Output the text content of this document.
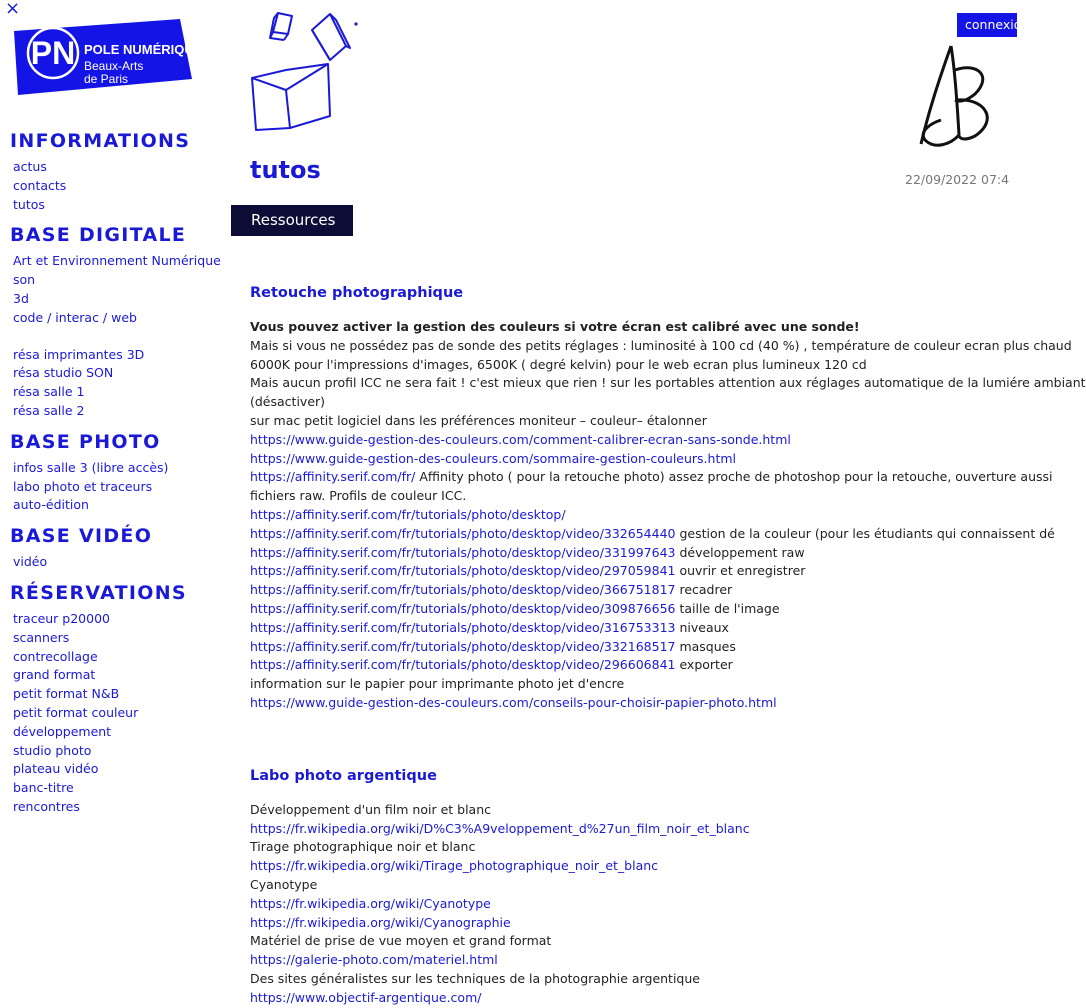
×
PN POLE NUMÉRIQUE
Beaux-Arts
de Paris
INFORMATIONS
actus
contacts
tutos
BASE DIGITALE
Art et Environnement Numérique
son
3d
code / interac / web
résa imprimantes 3D
résa studio SON
résa salle 1
résa salle 2
BASE PHOTO
infos salle 3 (libre accès)
labo photo et traceurs
auto-édition
BASE VIDÉO
vidéo
RÉSERVATIONS
traceur p20000
scanners
contrecollage
grand format
petit format N&B
petit format couleur
développement
studio photo
plateau vidéo
banc-titre
rencontres
connexion
22/09/2022 07:4
tutos
Ressources
Retouche photographique
Vous pouvez activer la gestion des couleurs si votre écran est calibré avec une sonde!
Mais si vous ne possédez pas de sonde des petits réglages : luminosité à 100 cd (40 %) , température de couleur ecran plus chaud
6000K pour l'impressions d'images, 6500K ( degré kelvin) pour le web ecran plus lumineux 120 cd
Mais aucun profil ICC ne sera fait ! c'est mieux que rien ! sur les portables attention aux réglages automatique de la lumiére ambiant
(désactiver)
sur mac petit logiciel dans les préférences moniteur – couleur– étalonner
https://www.guide-gestion-des-couleurs.com/comment-calibrer-ecran-sans-sonde.html
https://www.guide-gestion-des-couleurs.com/sommaire-gestion-couleurs.html
https://affinity.serif.com/fr/ Affinity photo ( pour la retouche photo) assez proche de photoshop pour la retouche, ouverture aussi
fichiers raw. Profils de couleur ICC.
https://affinity.serif.com/fr/tutorials/photo/desktop/
https://affinity.serif.com/fr/tutorials/photo/desktop/video/332654440 gestion de la couleur (pour les étudiants qui connaissent dé
https://affinity.serif.com/fr/tutorials/photo/desktop/video/331997643 développement raw
https://affinity.serif.com/fr/tutorials/photo/desktop/video/297059841 ouvrir et enregistrer
https://affinity.serif.com/fr/tutorials/photo/desktop/video/366751817 recadrer
https://affinity.serif.com/fr/tutorials/photo/desktop/video/309876656 taille de l'image
https://affinity.serif.com/fr/tutorials/photo/desktop/video/316753313 niveaux
https://affinity.serif.com/fr/tutorials/photo/desktop/video/332168517 masques
https://affinity.serif.com/fr/tutorials/photo/desktop/video/296606841 exporter
information sur le papier pour imprimante photo jet d'encre
https://www.guide-gestion-des-couleurs.com/conseils-pour-choisir-papier-photo.html
Labo photo argentique
Développement d'un film noir et blanc
https://fr.wikipedia.org/wiki/D%C3%A9veloppement_d%27un_film_noir_et_blanc
Tirage photographique noir et blanc
https://fr.wikipedia.org/wiki/Tirage_photographique_noir_et_blanc
Cyanotype
https://fr.wikipedia.org/wiki/Cyanotype
https://fr.wikipedia.org/wiki/Cyanographie
Matériel de prise de vue moyen et grand format
https://galerie-photo.com/materiel.html
Des sites généralistes sur les techniques de la photographie argentique
https://www.objectif-argentique.com/
